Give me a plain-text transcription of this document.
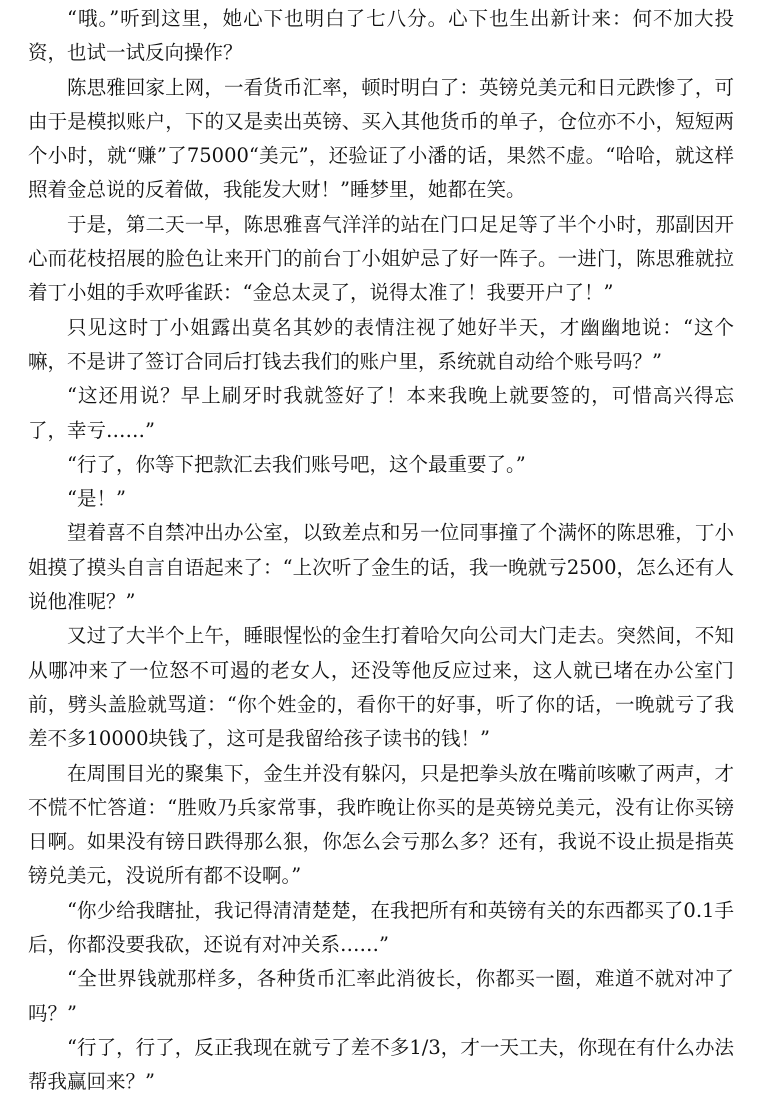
“哦。”听到这里，她心下也明白了七八分。心下也生出新计来：何不加大投资，也试一试反向操作？

陈思雅回家上网，一看货币汇率，顿时明白了：英镑兑美元和日元跌惨了，可由于是模拟账户，下的又是卖出英镑、买入其他货币的单子，仓位亦不小，短短两个小时，就“赚”了75000“美元”，还验证了小潘的话，果然不虚。“哈哈，就这样照着金总说的反着做，我能发大财！”睡梦里，她都在笑。

于是，第二天一早，陈思雅喜气洋洋的站在门口足足等了半个小时，那副因开心而花枝招展的脸色让来开门的前台丁小姐妒忌了好一阵子。一进门，陈思雅就拉着丁小姐的手欢呼雀跃：“金总太灵了，说得太准了！我要开户了！”

只见这时丁小姐露出莫名其妙的表情注视了她好半天，才幽幽地说：“这个嘛，不是讲了签订合同后打钱去我们的账户里，系统就自动给个账号吗？”

“这还用说？早上刷牙时我就签好了！本来我晚上就要签的，可惜高兴得忘了，幸亏……”

“行了，你等下把款汇去我们账号吧，这个最重要了。”

“是！”

望着喜不自禁冲出办公室，以致差点和另一位同事撞了个满怀的陈思雅，丁小姐摸了摸头自言自语起来了：“上次听了金生的话，我一晚就亏2500，怎么还有人说他准呢？”

又过了大半个上午，睡眼惺忪的金生打着哈欠向公司大门走去。突然间，不知从哪冲来了一位怒不可遏的老女人，还没等他反应过来，这人就已堵在办公室门前，劈头盖脸就骂道：“你个姓金的，看你干的好事，听了你的话，一晚就亏了我差不多10000块钱了，这可是我留给孩子读书的钱！”

在周围目光的聚集下，金生并没有躲闪，只是把拳头放在嘴前咳嗽了两声，才不慌不忙答道：“胜败乃兵家常事，我昨晚让你买的是英镑兑美元，没有让你买镑日啊。如果没有镑日跌得那么狠，你怎么会亏那么多？还有，我说不设止损是指英镑兑美元，没说所有都不设啊。”

“你少给我瞎扯，我记得清清楚楚，在我把所有和英镑有关的东西都买了0.1手后，你都没要我砍，还说有对冲关系……”

“全世界钱就那样多，各种货币汇率此消彼长，你都买一圈，难道不就对冲了吗？”

“行了，行了，反正我现在就亏了差不多1/3，才一天工夫，你现在有什么办法帮我赢回来？”
